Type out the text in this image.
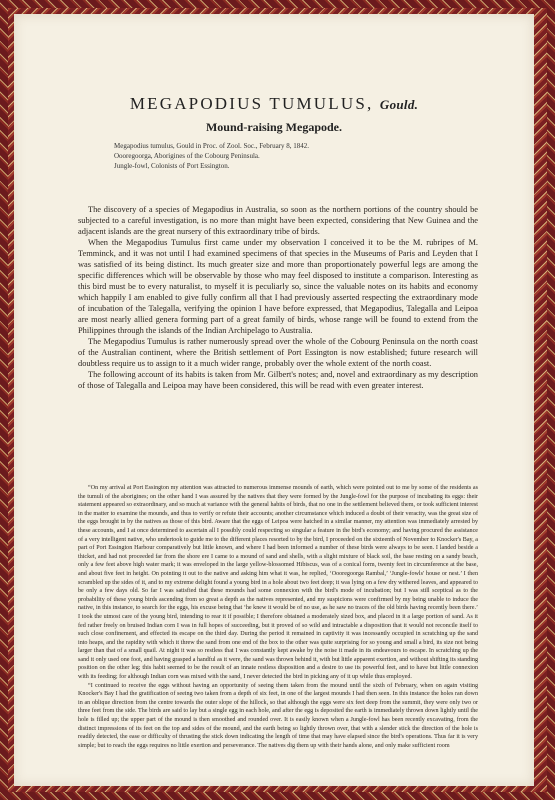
MEGAPODIUS TUMULUS, Gould.
Mound-raising Megapode.
Megapodius tumulus, Gould in Proc. of Zool. Soc., February 8, 1842.
Oooregoorga, Aborigines of the Cobourg Peninsula.
Jungle-fowl, Colonists of Port Essington.

The discovery of a species of Megapodius in Australia, so soon as the northern portions of the country should be subjected to a careful investigation, is no more than might have been expected, considering that New Guinea and the adjacent islands are the great nursery of this extraordinary tribe of birds.

When the Megapodius Tumulus first came under my observation I conceived it to be the M. rubripes of M. Temminck, and it was not until I had examined specimens of that species in the Museums of Paris and Leyden that I was satisfied of its being distinct. Its much greater size and more than proportionately powerful legs are among the specific differences which will be observable by those who may feel disposed to institute a comparison. Interesting as this bird must be to every naturalist, to myself it is peculiarly so, since the valuable notes on its habits and economy which happily I am enabled to give fully confirm all that I had previously asserted respecting the extraordinary mode of incubation of the Talegalla, verifying the opinion I have before expressed, that Megapodius, Talegalla and Leipoa are most nearly allied genera forming part of a great family of birds, whose range will be found to extend from the Philippines through the islands of the Indian Archipelago to Australia.

The Megapodius Tumulus is rather numerously spread over the whole of the Cobourg Peninsula on the north coast of the Australian continent, where the British settlement of Port Essington is now established; future research will doubtless require us to assign to it a much wider range, probably over the whole extent of the north coast.

The following account of its habits is taken from Mr. Gilbert's notes; and, novel and extraordinary as my description of those of Talegalla and Leipoa may have been considered, this will be read with even greater interest.

“On my arrival at Port Essington my attention was attracted to numerous immense mounds of earth, which were pointed out to me by some of the residents as the tumuli of the aborigines; on the other hand I was assured by the natives that they were formed by the Jungle-fowl for the purpose of incubating its eggs: their statement appeared so extraordinary, and so much at variance with the general habits of birds, that no one in the settlement believed them, or took sufficient interest in the matter to examine the mounds, and thus to verify or refute their accounts; another circumstance which induced a doubt of their veracity, was the great size of the eggs brought in by the natives as those of this bird. Aware that the eggs of Leipoa were hatched in a similar manner, my attention was immediately arrested by these accounts, and I at once determined to ascertain all I possibly could respecting so singular a feature in the bird's economy; and having procured the assistance of a very intelligent native, who undertook to guide me to the different places resorted to by the bird, I proceeded on the sixteenth of November to Knocker's Bay, a part of Port Essington Harbour comparatively but little known, and where I had been informed a number of these birds were always to be seen. I landed beside a thicket, and had not proceeded far from the shore ere I came to a mound of sand and shells, with a slight mixture of black soil, the base resting on a sandy beach, only a few feet above high water mark; it was enveloped in the large yellow-blossomed Hibiscus, was of a conical form, twenty feet in circumference at the base, and about five feet in height. On pointing it out to the native and asking him what it was, he replied, ‘Oooregoorga Rambal,’ ‘Jungle-fowls' house or nest.’ I then scrambled up the sides of it, and to my extreme delight found a young bird in a hole about two feet deep; it was lying on a few dry withered leaves, and appeared to be only a few days old. So far I was satisfied that these mounds had some connexion with the bird's mode of incubation; but I was still sceptical as to the probability of these young birds ascending from so great a depth as the natives represented, and my suspicions were confirmed by my being unable to induce the native, in this instance, to search for the eggs, his excuse being that ‘he knew it would be of no use, as he saw no traces of the old birds having recently been there.’ I took the utmost care of the young bird, intending to rear it if possible; I therefore obtained a moderately sized box, and placed in it a large portion of sand. As it fed rather freely on bruised Indian corn I was in full hopes of succeeding, but it proved of so wild and intractable a disposition that it would not reconcile itself to such close confinement, and effected its escape on the third day. During the period it remained in captivity it was incessantly occupied in scratching up the sand into heaps, and the rapidity with which it threw the sand from one end of the box to the other was quite surprising for so young and small a bird, its size not being larger than that of a small quail. At night it was so restless that I was constantly kept awake by the noise it made in its endeavours to escape. In scratching up the sand it only used one foot, and having grasped a handful as it were, the sand was thrown behind it, with but little apparent exertion, and without shifting its standing position on the other leg; this habit seemed to be the result of an innate restless disposition and a desire to use its powerful feet, and to have but little connexion with its feeding; for although Indian corn was mixed with the sand, I never detected the bird in picking any of it up while thus employed.

“I continued to receive the eggs without having an opportunity of seeing them taken from the mound until the sixth of February, when on again visiting Knocker's Bay I had the gratification of seeing two taken from a depth of six feet, in one of the largest mounds I had then seen. In this instance the holes ran down in an oblique direction from the centre towards the outer slope of the hillock, so that although the eggs were six feet deep from the summit, they were only two or three feet from the side. The birds are said to lay but a single egg in each hole, and after the egg is deposited the earth is immediately thrown down lightly until the hole is filled up; the upper part of the mound is then smoothed and rounded over. It is easily known when a Jungle-fowl has been recently excavating, from the distinct impressions of its feet on the top and sides of the mound, and the earth being so lightly thrown over, that with a slender stick the direction of the hole is readily detected, the ease or difficulty of thrusting the stick down indicating the length of time that may have elapsed since the bird's operations. Thus far it is very simple; but to reach the eggs requires no little exertion and perseverance. The natives dig them up with their hands alone, and only make sufficient room
